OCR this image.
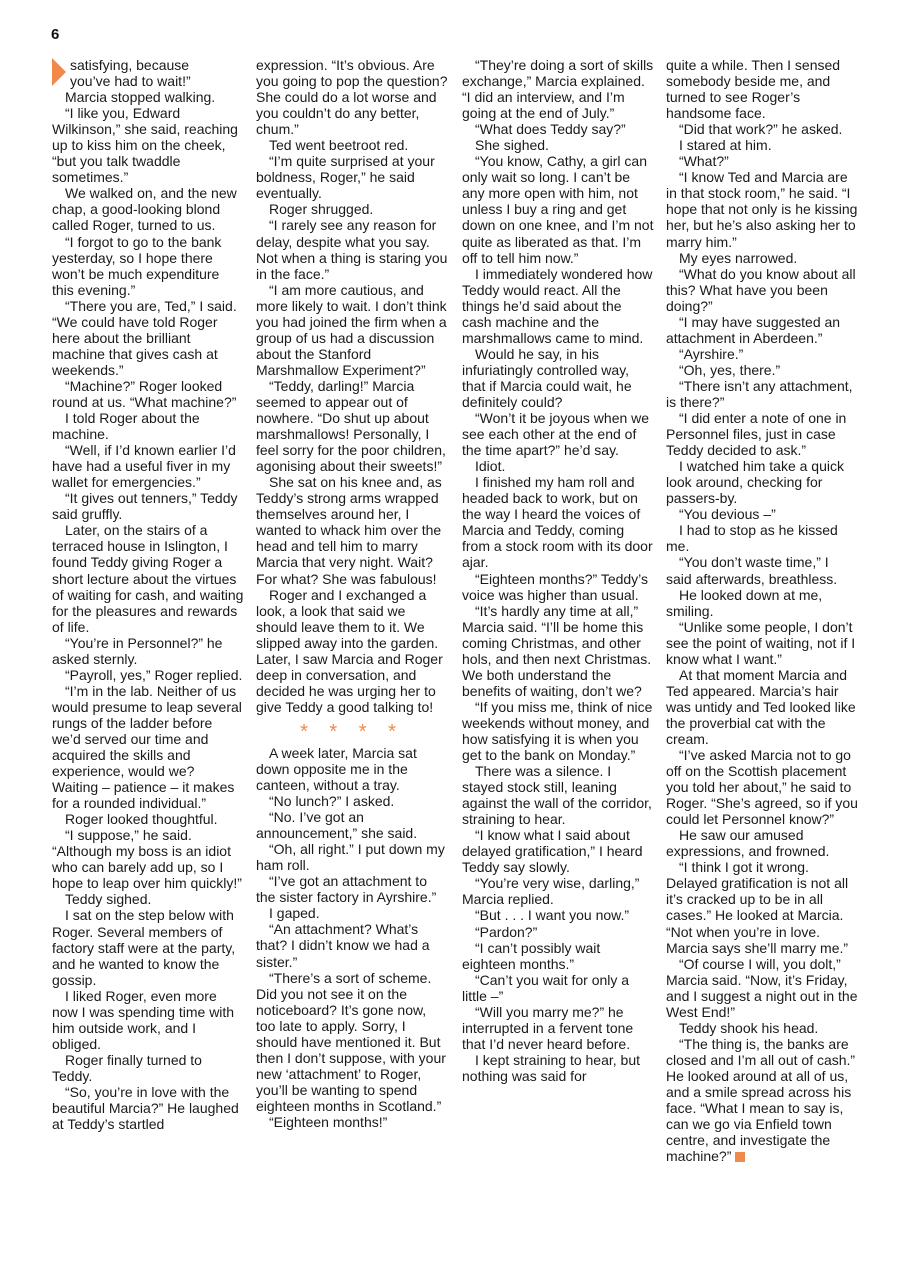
6

satisfying, because

you’ve had to wait!”

Marcia stopped walking.

“I like you, Edward Wilkinson,” she said, reaching up to kiss him on the cheek, “but you talk twaddle sometimes.”

We walked on, and the new chap, a good-looking blond called Roger, turned to us.

“I forgot to go to the bank yesterday, so I hope there won’t be much expenditure this evening.”

“There you are, Ted,” I said. “We could have told Roger here about the brilliant machine that gives cash at weekends.”

“Machine?” Roger looked round at us. “What machine?”

I told Roger about the machine.

“Well, if I’d known earlier I’d have had a useful fiver in my wallet for emergencies.”

“It gives out tenners,” Teddy said gruffly.

Later, on the stairs of a terraced house in Islington, I found Teddy giving Roger a short lecture about the virtues of waiting for cash, and waiting for the pleasures and rewards of life.

“You’re in Personnel?” he asked sternly.

“Payroll, yes,” Roger replied.

“I’m in the lab. Neither of us would presume to leap several rungs of the ladder before we’d served our time and acquired the skills and experience, would we? Waiting – patience – it makes for a rounded individual.”

Roger looked thoughtful.

“I suppose,” he said. “Although my boss is an idiot who can barely add up, so I hope to leap over him quickly!”

Teddy sighed.

I sat on the step below with Roger. Several members of factory staff were at the party, and he wanted to know the gossip.

I liked Roger, even more now I was spending time with him outside work, and I obliged.

Roger finally turned to Teddy.

“So, you’re in love with the beautiful Marcia?” He laughed at Teddy’s startled

expression. “It’s obvious. Are you going to pop the question? She could do a lot worse and you couldn’t do any better, chum.”

Ted went beetroot red.

“I’m quite surprised at your boldness, Roger,” he said eventually.

Roger shrugged.

“I rarely see any reason for delay, despite what you say. Not when a thing is staring you in the face.”

“I am more cautious, and more likely to wait. I don’t think you had joined the firm when a group of us had a discussion about the Stanford Marshmallow Experiment?”

“Teddy, darling!” Marcia seemed to appear out of nowhere. “Do shut up about marshmallows! Personally, I feel sorry for the poor children, agonising about their sweets!”

She sat on his knee and, as Teddy’s strong arms wrapped themselves around her, I wanted to whack him over the head and tell him to marry Marcia that very night. Wait? For what? She was fabulous!

Roger and I exchanged a look, a look that said we should leave them to it. We slipped away into the garden. Later, I saw Marcia and Roger deep in conversation, and decided he was urging her to give Teddy a good talking to!

* * * *

A week later, Marcia sat down opposite me in the canteen, without a tray.

“No lunch?” I asked.

“No. I’ve got an announcement,” she said.

“Oh, all right.” I put down my ham roll.

“I’ve got an attachment to the sister factory in Ayrshire.”

I gaped.

“An attachment? What’s that? I didn’t know we had a sister.”

“There’s a sort of scheme. Did you not see it on the noticeboard? It’s gone now, too late to apply. Sorry, I should have mentioned it. But then I don’t suppose, with your new ‘attachment’ to Roger, you’ll be wanting to spend eighteen months in Scotland.”

“Eighteen months!”

“They’re doing a sort of skills exchange,” Marcia explained. “I did an interview, and I’m going at the end of July.”

“What does Teddy say?”

She sighed.

“You know, Cathy, a girl can only wait so long. I can’t be any more open with him, not unless I buy a ring and get down on one knee, and I’m not quite as liberated as that. I’m off to tell him now.”

I immediately wondered how Teddy would react. All the things he’d said about the cash machine and the marshmallows came to mind.

Would he say, in his infuriatingly controlled way, that if Marcia could wait, he definitely could?

“Won’t it be joyous when we see each other at the end of the time apart?” he’d say.

Idiot.

I finished my ham roll and headed back to work, but on the way I heard the voices of Marcia and Teddy, coming from a stock room with its door ajar.

“Eighteen months?” Teddy’s voice was higher than usual.

“It’s hardly any time at all,” Marcia said. “I’ll be home this coming Christmas, and other hols, and then next Christmas. We both understand the benefits of waiting, don’t we?

“If you miss me, think of nice weekends without money, and how satisfying it is when you get to the bank on Monday.”

There was a silence. I stayed stock still, leaning against the wall of the corridor, straining to hear.

“I know what I said about delayed gratification,” I heard Teddy say slowly.

“You’re very wise, darling,” Marcia replied.

“But . . . I want you now.”

“Pardon?”

“I can’t possibly wait eighteen months.”

“Can’t you wait for only a little –”

“Will you marry me?” he interrupted in a fervent tone that I’d never heard before.

I kept straining to hear, but nothing was said for

quite a while. Then I sensed somebody beside me, and turned to see Roger’s handsome face.

“Did that work?” he asked.

I stared at him.

“What?”

“I know Ted and Marcia are in that stock room,” he said. “I hope that not only is he kissing her, but he’s also asking her to marry him.”

My eyes narrowed.

“What do you know about all this? What have you been doing?”

“I may have suggested an attachment in Aberdeen.”

“Ayrshire.”

“Oh, yes, there.”

“There isn’t any attachment, is there?”

“I did enter a note of one in Personnel files, just in case Teddy decided to ask.”

I watched him take a quick look around, checking for passers-by.

“You devious –”

I had to stop as he kissed me.

“You don’t waste time,” I said afterwards, breathless.

He looked down at me, smiling.

“Unlike some people, I don’t see the point of waiting, not if I know what I want.”

At that moment Marcia and Ted appeared. Marcia’s hair was untidy and Ted looked like the proverbial cat with the cream.

“I’ve asked Marcia not to go off on the Scottish placement you told her about,” he said to Roger. “She’s agreed, so if you could let Personnel know?”

He saw our amused expressions, and frowned.

“I think I got it wrong. Delayed gratification is not all it’s cracked up to be in all cases.” He looked at Marcia. “Not when you’re in love. Marcia says she’ll marry me.”

“Of course I will, you dolt,” Marcia said. “Now, it’s Friday, and I suggest a night out in the West End!”

Teddy shook his head.

“The thing is, the banks are closed and I’m all out of cash.” He looked around at all of us, and a smile spread across his face. “What I mean to say is, can we go via Enfield town centre, and investigate the machine?”
